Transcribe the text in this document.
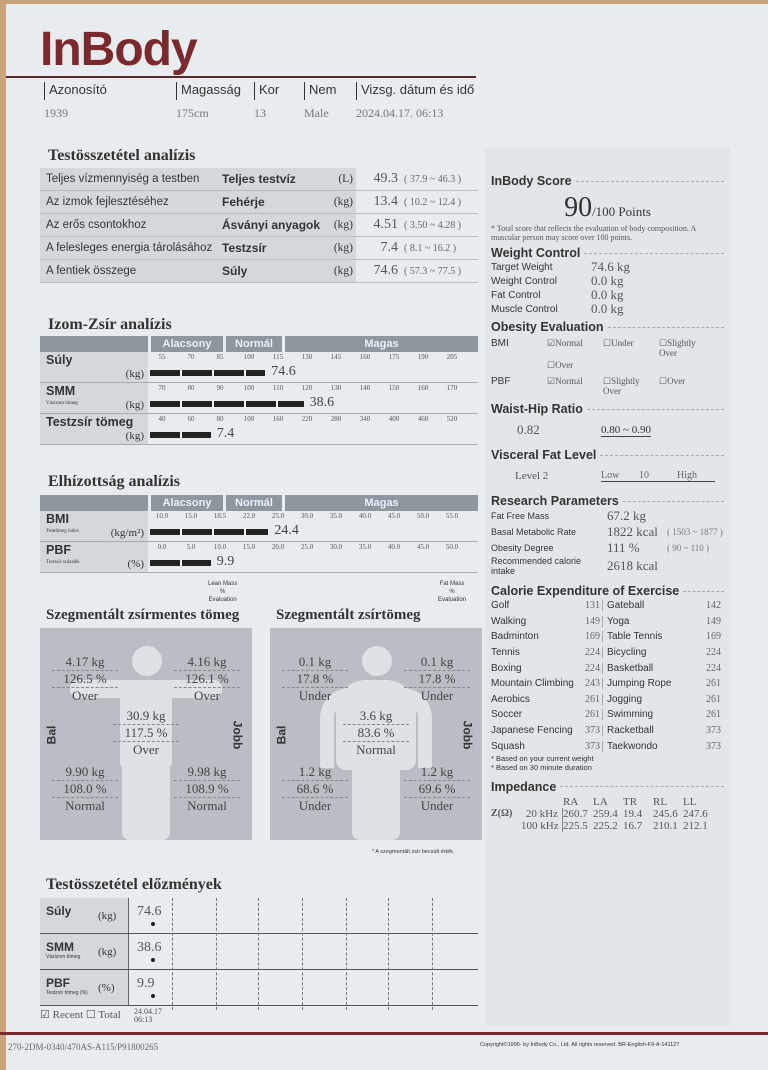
InBody
Testösszetétel analízis
Teljes vízmennyiség a testben	Teljes testvíz	(L)	49.3 ( 37.9 ~ 46.3 )
Az izmok fejlesztéséhez	Fehérje	(kg)	13.4 ( 10.2 ~ 12.4 )
Az erős csontokhoz	Ásványi anyagok	(kg)	4.51 ( 3.50 ~ 4.28 )
A felesleges energia tárolásához Testzsír	(kg)	7.4 ( 8.1 ~ 16.2 )
A fentiek összege	Súly	(kg)	74.6 ( 57.3 ~ 77.5 )
Izom-Zsír analízis
Alacsony	Normál	Magas
Súly
(kg)
55	70	85	100	115	130	145	160	175	190	205
74.6
SMM
Vázizom tömeg	(kg)
70	80	90	100	110	120	130	140	150	160	170
38.6
Testzsír tömeg
(kg)
40	60	80	100	160	220	280	340	400	460	520
7.4
Elhízottság analízis
Alacsony	Normál	Magas
BMI
Testtömeg index	(kg/m²)
10.0 15.0 18.5 22.0 25.0 30.0 35.0 40.0 45.0 50.0 55.0
24.4
PBF
Testzsír százalék	(%)
0.0	5.0	10.0 15.0 20.0 25.0 30.0 35.0 40.0 45.0 50.0
9.9
Testösszetétel előzmények
Súly (kg)	74.6
SMM
Vázizom tömeg	(kg)	38.6
PBF
Testzsír tömeg (%) (%)	9.9
☑ Recent ☐ Total	24.04.17
06:13
InBody Score
90/100 Points
* Total score that reflects the evaluation of body composition. A muscular person may score over 100 points.
Weight Control
Target Weight	74.6 kg
Weight Control	0.0 kg
Fat Control	0.0 kg
Muscle Control	0.0 kg
Obesity Evaluation
BMI	☑Normal	☐Under	☐Slightly Over
☐Over
PBF	☑Normal	☐Slightly Over
☐Over
Waist-Hip Ratio
0.82	0.80 ~ 0.90
Visceral Fat Level
Level 2	Low	10	High
Research Parameters
Fat Free Mass	67.2 kg
Basal Metabolic Rate	1822 kcal	( 1503 ~ 1877 )
Obesity Degree	111 %	( 90 ~ 110 )
Recommended calorie intake	2618 kcal
Calorie Expenditure of Exercise
Golf	131 Gateball	142
Walking	149 Yoga	149
Badminton	169 Table Tennis	169
Tennis	224 Bicycling	224
Boxing	224 Basketball	224
Mountain Climbing	243 Jumping Rope	261
Aerobics	261 Jogging	261
Soccer	261 Swimming	261
Japanese Fencing	373 Racketball	373
Squash	373 Taekwondo	373
* Based on your current weight
* Based on 30 minute duration
Impedance
RA	LA	TR	RL	LL
Z(Ω)	20 kHz 260.7 259.4 19.4 245.6 247.6
100 kHz 225.5 225.2 16.7 210.1 212.1
270-2DM-0340/470AS-A115/P91800265	Copyright©1996- by InBody Co., Ltd. All rights reserved. BR-English-F9-A-141127
Azonosító
1939
Magasság
175cm
Kor
13
Nem
Male
Vizsg. dátum és idő
2024.04.17. 06:13
4.17 kg
126.5 %
Over
4.16 kg
126.1 %
Over
30.9 kg
117.5 %
Over
9.90 kg
108.0 %
Normal
9.98 kg
108.9 %
Normal
Bal	Jobb
Szegmentált zsírmentes tömeg
Lean Mass
%
Evaluation
0.1 kg
17.8 %
Under
0.1 kg
17.8 %
Under
3.6 kg
83.6 %
Normal
1.2 kg
68.6 %
Under
1.2 kg
69.6 %
Under
Bal	Jobb
Szegmentált zsírtömeg
Fat Mass
%
Evaluation
* A szegmentált zsír becsült érték
